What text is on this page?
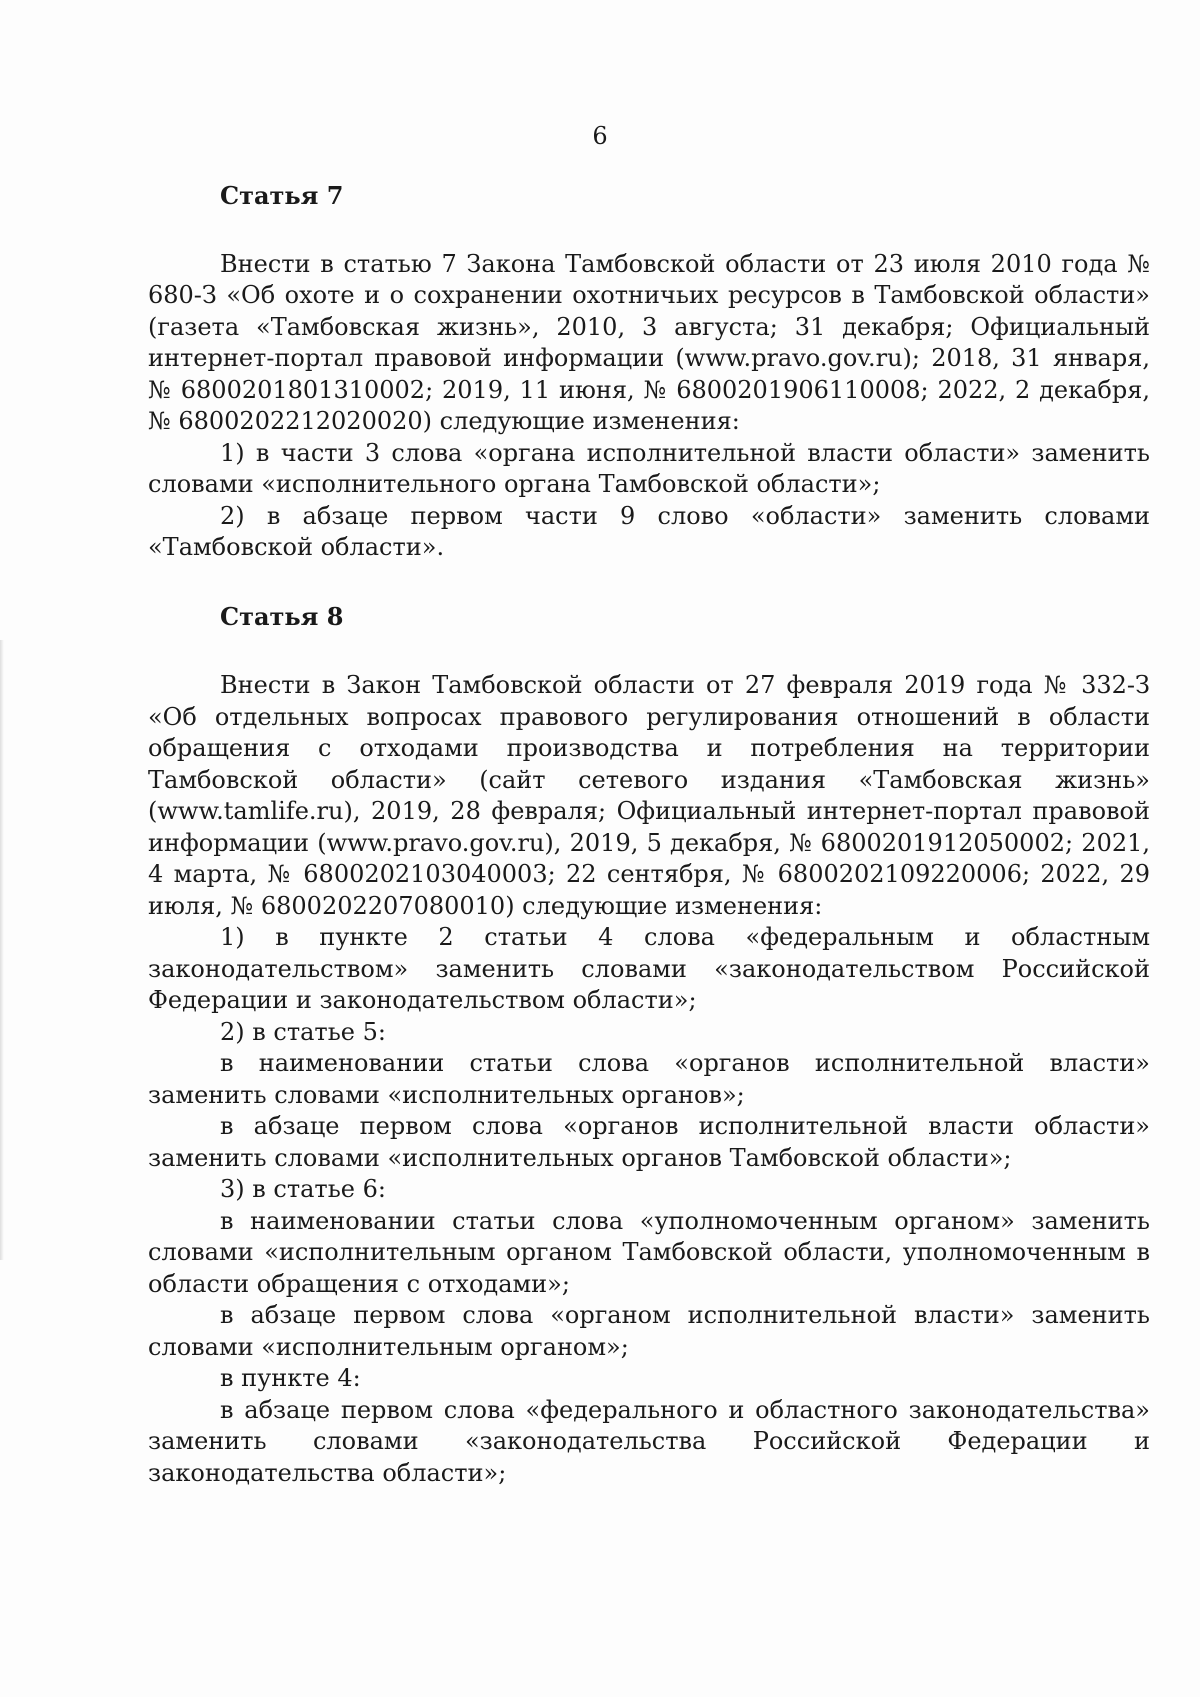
6
Статья 7

Внести в статью 7 Закона Тамбовской области от 23 июля 2010 года № 680-З «Об охоте и о сохранении охотничьих ресурсов в Тамбовской области» (газета «Тамбовская жизнь», 2010, 3 августа; 31 декабря; Официальный интернет-портал правовой информации (www.pravo.gov.ru); 2018, 31 января, № 6800201801310002; 2019, 11 июня, № 6800201906110008; 2022, 2 декабря, № 6800202212020020) следующие изменения:

1) в части 3 слова «органа исполнительной власти области» заменить словами «исполнительного органа Тамбовской области»;

2) в абзаце первом части 9 слово «области» заменить словами «Тамбовской области».

Статья 8

Внести в Закон Тамбовской области от 27 февраля 2019 года № 332-З «Об отдельных вопросах правового регулирования отношений в области обращения с отходами производства и потребления на территории Тамбовской области» (сайт сетевого издания «Тамбовская жизнь» (www.tamlife.ru), 2019, 28 февраля; Официальный интернет-портал правовой информации (www.pravo.gov.ru), 2019, 5 декабря, № 6800201912050002; 2021, 4 марта, № 6800202103040003; 22 сентября, № 6800202109220006; 2022, 29 июля, № 6800202207080010) следующие изменения:

1) в пункте 2 статьи 4 слова «федеральным и областным законодательством» заменить словами «законодательством Российской Федерации и законодательством области»;

2) в статье 5:

в наименовании статьи слова «органов исполнительной власти» заменить словами «исполнительных органов»;

в абзаце первом слова «органов исполнительной власти области» заменить словами «исполнительных органов Тамбовской области»;

3) в статье 6:

в наименовании статьи слова «уполномоченным органом» заменить словами «исполнительным органом Тамбовской области, уполномоченным в области обращения с отходами»;

в абзаце первом слова «органом исполнительной власти» заменить словами «исполнительным органом»;

в пункте 4:

в абзаце первом слова «федерального и областного законодательства» заменить словами «законодательства Российской Федерации и законодательства области»;
